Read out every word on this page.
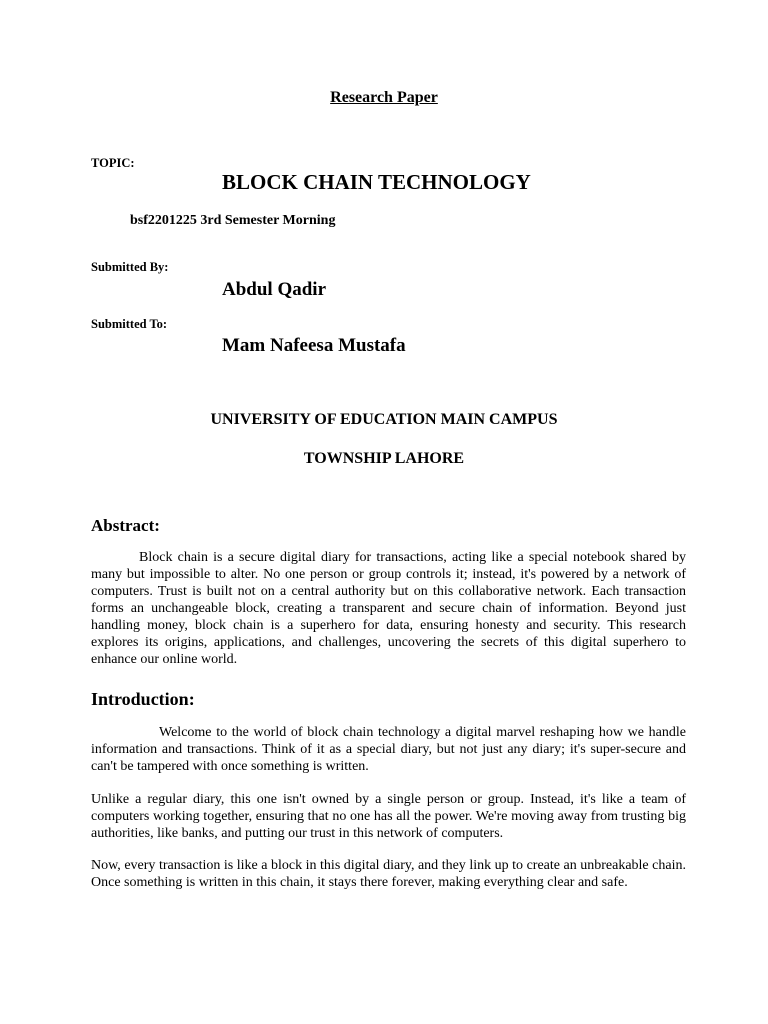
Research Paper

TOPIC:

BLOCK CHAIN TECHNOLOGY

bsf2201225 3rd Semester Morning

Submitted By:

Abdul Qadir

Submitted To:

Mam Nafeesa Mustafa

UNIVERSITY OF EDUCATION MAIN CAMPUS

TOWNSHIP LAHORE

Abstract:

Block chain is a secure digital diary for transactions, acting like a special notebook shared by many but impossible to alter. No one person or group controls it; instead, it's powered by a network of computers. Trust is built not on a central authority but on this collaborative network. Each transaction forms an unchangeable block, creating a transparent and secure chain of information. Beyond just handling money, block chain is a superhero for data, ensuring honesty and security. This research explores its origins, applications, and challenges, uncovering the secrets of this digital superhero to enhance our online world.

Introduction:

Welcome to the world of block chain technology a digital marvel reshaping how we handle information and transactions. Think of it as a special diary, but not just any diary; it's super-secure and can't be tampered with once something is written.

Unlike a regular diary, this one isn't owned by a single person or group. Instead, it's like a team of computers working together, ensuring that no one has all the power. We're moving away from trusting big authorities, like banks, and putting our trust in this network of computers.

Now, every transaction is like a block in this digital diary, and they link up to create an unbreakable chain. Once something is written in this chain, it stays there forever, making everything clear and safe.
